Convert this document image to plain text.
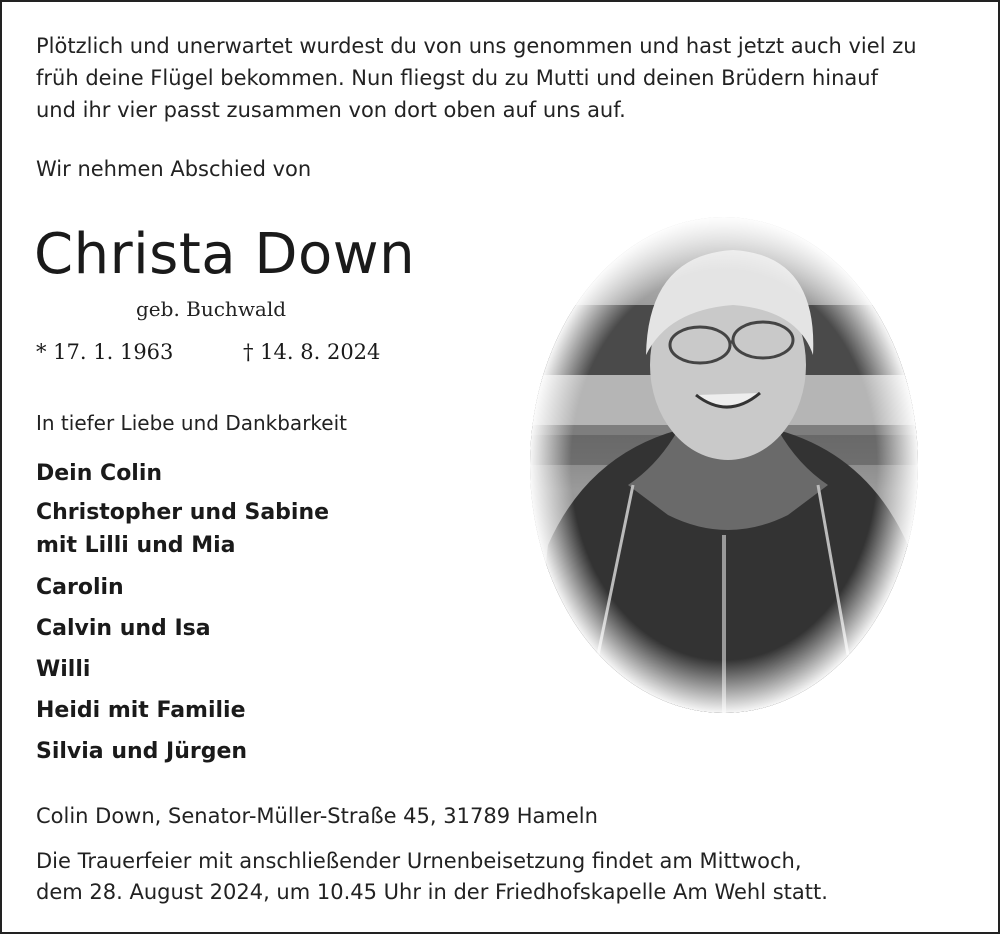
Plötzlich und unerwartet wurdest du von uns genommen und hast jetzt auch viel zu
früh deine Flügel bekommen. Nun fliegst du zu Mutti und deinen Brüdern hinauf
und ihr vier passt zusammen von dort oben auf uns auf.
Wir nehmen Abschied von
Christa Down
geb. Buchwald
* 17. 1. 1963	† 14. 8. 2024
In tiefer Liebe und Dankbarkeit
Dein Colin
Christopher und Sabine
mit Lilli und Mia
Carolin
Calvin und Isa
Willi
Heidi mit Familie
Silvia und Jürgen
Colin Down, Senator-Müller-Straße 45, 31789 Hameln
Die Trauerfeier mit anschließender Urnenbeisetzung findet am Mittwoch,
dem 28. August 2024, um 10.45 Uhr in der Friedhofskapelle Am Wehl statt.
